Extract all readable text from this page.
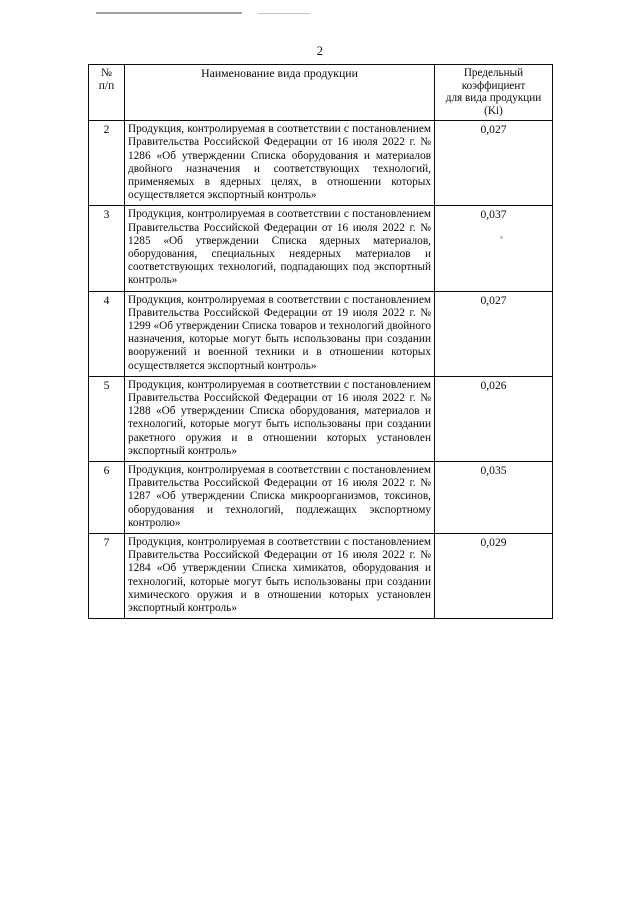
2
№
п/п
	Наименование вида продукции	Предельный
коэффициент
для вида продукции
(Ki)

2	Продукция, контролируемая в соответствии с постановлением Правительства Российской Федерации от 16 июля 2022 г. № 1286 «Об утверждении Списка оборудования и материалов двойного назначения и соответствующих технологий, применяемых в ядерных целях, в отношении которых осуществляется экспортный контроль»	0,027
3	Продукция, контролируемая в соответствии с постановлением Правительства Российской Федерации от 16 июля 2022 г. № 1285 «Об утверждении Списка ядерных материалов, оборудования, специальных неядерных материалов и соответствующих технологий, подпадающих под экспортный контроль»	0,037
4	Продукция, контролируемая в соответствии с постановлением Правительства Российской Федерации от 19 июля 2022 г. № 1299 «Об утверждении Списка товаров и технологий двойного назначения, которые могут быть использованы при создании вооружений и военной техники и в отношении которых осуществляется экспортный контроль»	0,027
5	Продукция, контролируемая в соответствии с постановлением Правительства Российской Федерации от 16 июля 2022 г. № 1288 «Об утверждении Списка оборудования, материалов и технологий, которые могут быть использованы при создании ракетного оружия и в отношении которых установлен экспортный контроль»	0,026
6	Продукция, контролируемая в соответствии с постановлением Правительства Российской Федерации от 16 июля 2022 г. № 1287 «Об утверждении Списка микроорганизмов, токсинов, оборудования и технологий, подлежащих экспортному контролю»	0,035
7	Продукция, контролируемая в соответствии с постановлением Правительства Российской Федерации от 16 июля 2022 г. № 1284 «Об утверждении Списка химикатов, оборудования и технологий, которые могут быть использованы при создании химического оружия и в отношении которых установлен экспортный контроль»	0,029
